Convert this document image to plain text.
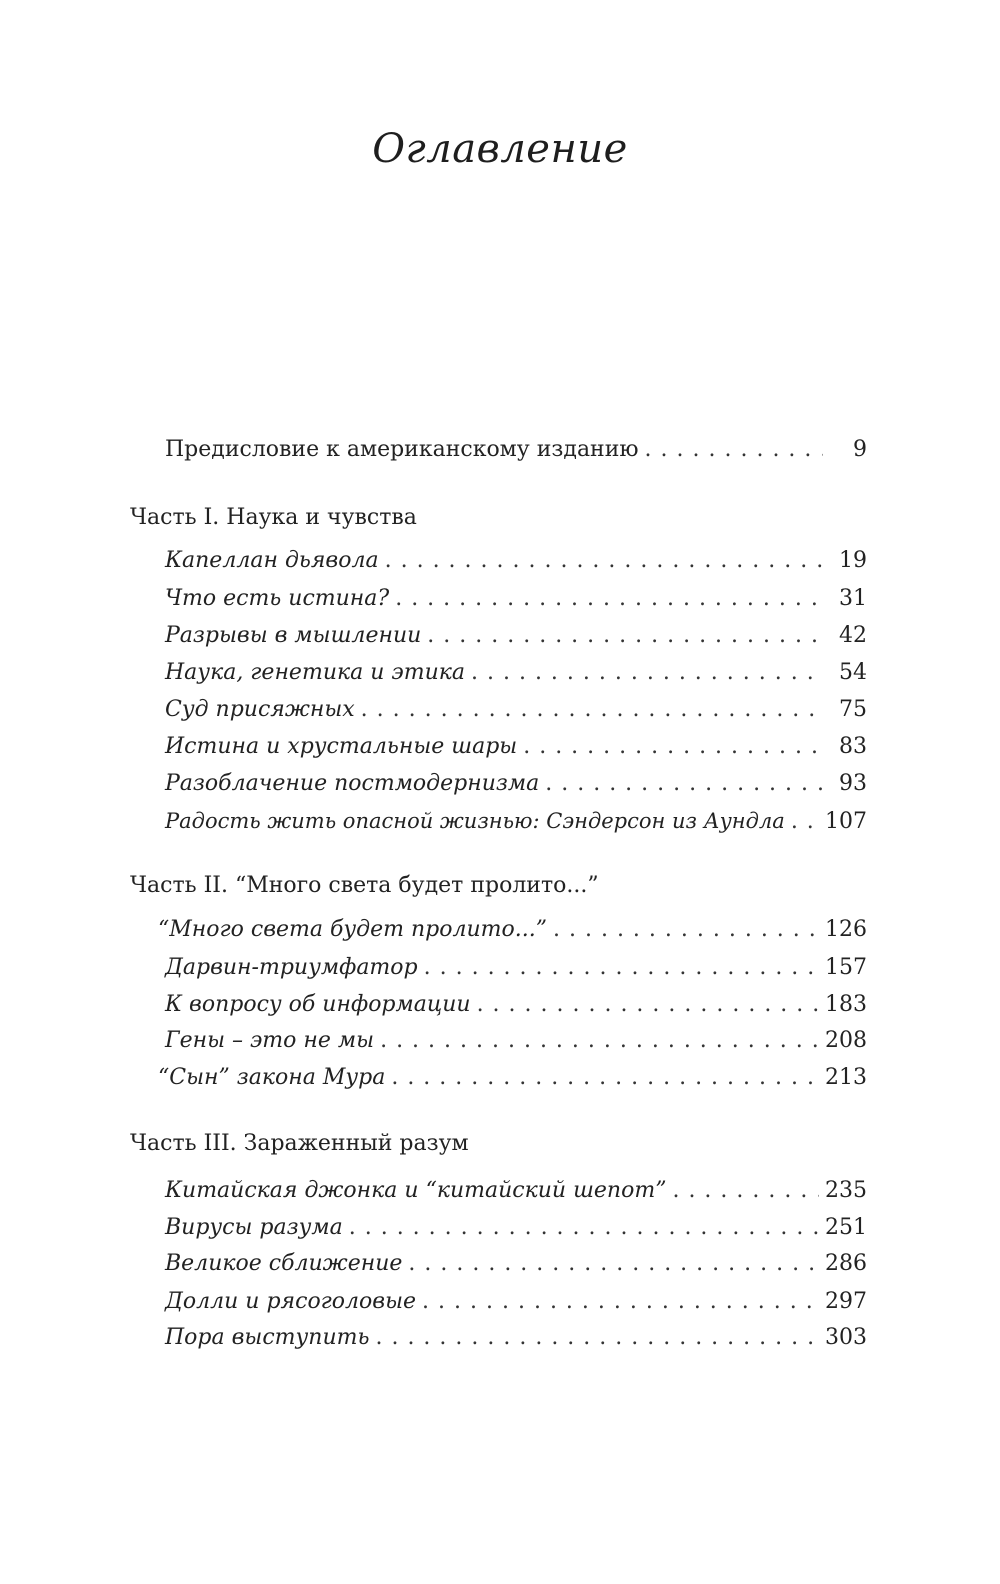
Оглавление
Предисловие к американскому изданию . . .	9
Часть I. Наука и чувства
Капеллан дьявола . . .	19
Что есть истина? . . .	31
Разрывы в мышлении . . .	42
Наука, генетика и этика . . .	54
Суд присяжных . . .	75
Истина и хрустальные шары . . .	83
Разоблачение постмодернизма . . .	93
Радость жить опасной жизнью: Сэндерсон из Аундла . . . 107
Часть II. “Много света будет пролито...”
“Много света будет пролито...” . . .	126
Дарвин-триумфатор . . .	157
К вопросу об информации . . .	183
Гены – это не мы . . .	208
“Сын” закона Мура . . .	213
Часть III. Зараженный разум
Китайская джонка и “китайский шепот” . . .	235
Вирусы разума . . .	251
Великое сближение . . .	286
Долли и рясоголовые . . .	297
Пора выступить . . .	303
